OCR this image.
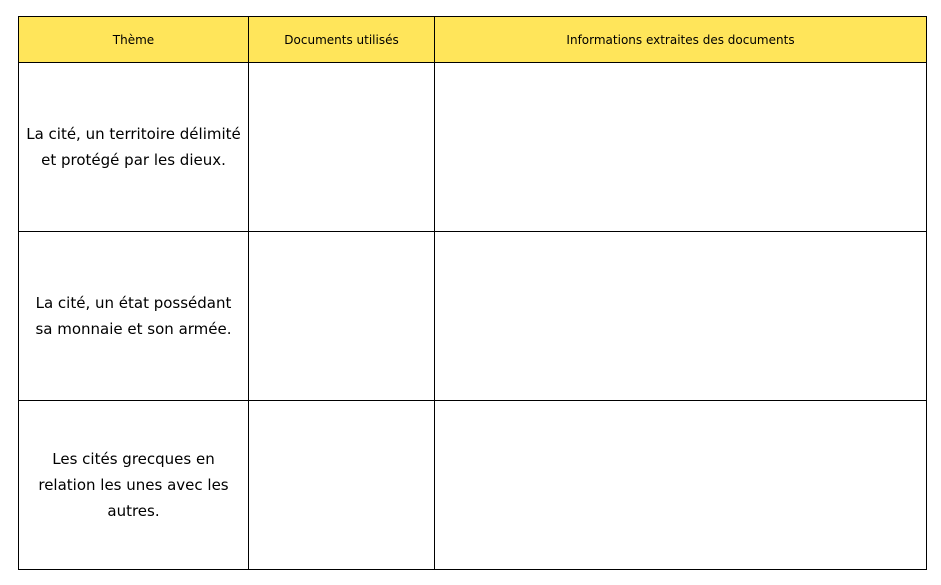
Thème	Documents utilisés	Informations extraites des documents
La cité, un territoire délimité et protégé par les dieux.		
La cité, un état possédant sa monnaie et son armée.		
Les cités grecques en relation les unes avec les autres.		
